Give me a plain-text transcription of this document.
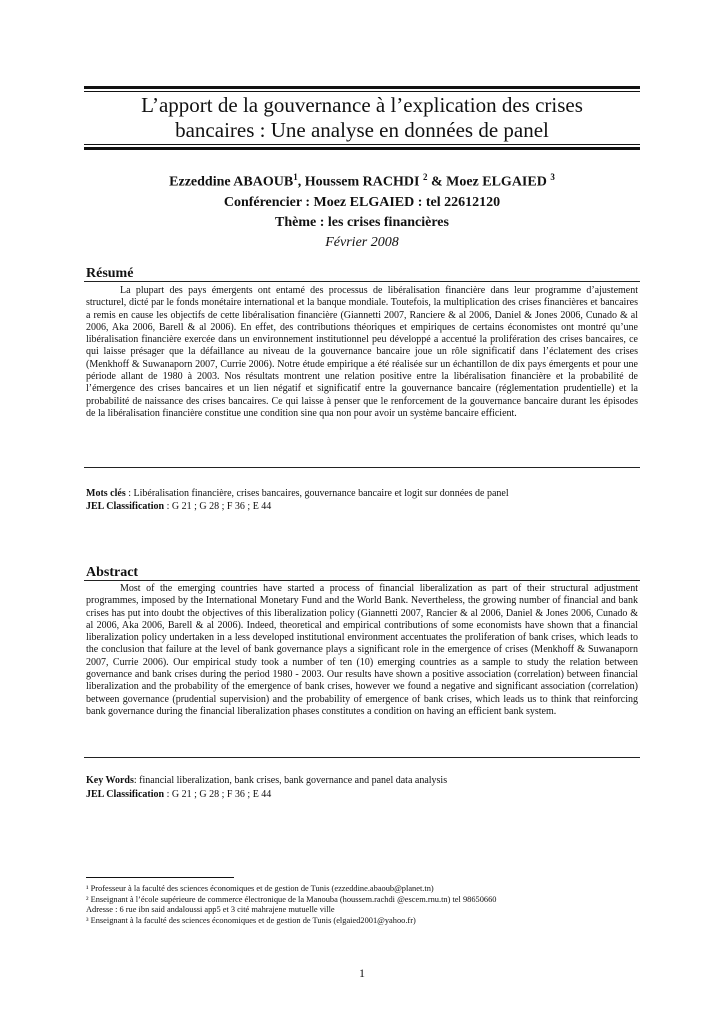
L’apport de la gouvernance à l’explication des crises
bancaires : Une analyse en données de panel
Ezzeddine ABAOUB$^1$, Houssem RACHDI $^2$ & Moez ELGAIED $^3$
Conférencier : Moez ELGAIED : tel 22612120
Thème : les crises financières
Février 2008
Résumé

La plupart des pays émergents ont entamé des processus de libéralisation financière dans leur programme d’ajustement structurel, dicté par le fonds monétaire international et la banque mondiale. Toutefois, la multiplication des crises financières et bancaires a remis en cause les objectifs de cette libéralisation financière (Giannetti 2007, Ranciere & al 2006, Daniel & Jones 2006, Cunado & al 2006, Aka 2006, Barell & al 2006). En effet, des contributions théoriques et empiriques de certains économistes ont montré qu’une libéralisation financière exercée dans un environnement institutionnel peu développé a accentué la prolifération des crises bancaires, ce qui laisse présager que la défaillance au niveau de la gouvernance bancaire joue un rôle significatif dans l’éclatement des crises (Menkhoff & Suwanaporn 2007, Currie 2006). Notre étude empirique a été réalisée sur un échantillon de dix pays émergents et pour une période allant de 1980 à 2003. Nos résultats montrent une relation positive entre la libéralisation financière et la probabilité de l’émergence des crises bancaires et un lien négatif et significatif entre la gouvernance bancaire (réglementation prudentielle) et la probabilité de naissance des crises bancaires. Ce qui laisse à penser que le renforcement de la gouvernance bancaire durant les épisodes de la libéralisation financière constitue une condition sine qua non pour avoir un système bancaire efficient.

Mots clés : Libéralisation financière, crises bancaires, gouvernance bancaire et logit sur données de panel
JEL Classification : G 21 ; G 28 ; F 36 ; E 44
Abstract

Most of the emerging countries have started a process of financial liberalization as part of their structural adjustment programmes, imposed by the International Monetary Fund and the World Bank. Nevertheless, the growing number of financial and bank crises has put into doubt the objectives of this liberalization policy (Giannetti 2007, Rancier & al 2006, Daniel & Jones 2006, Cunado & al 2006, Aka 2006, Barell & al 2006). Indeed, theoretical and empirical contributions of some economists have shown that a financial liberalization policy undertaken in a less developed institutional environment accentuates the proliferation of bank crises, which leads to the conclusion that failure at the level of bank governance plays a significant role in the emergence of crises (Menkhoff & Suwanaporn 2007, Currie 2006). Our empirical study took a number of ten (10) emerging countries as a sample to study the relation between governance and bank crises during the period 1980 - 2003. Our results have shown a positive association (correlation) between financial liberalization and the probability of the emergence of bank crises, however we found a negative and significant association (correlation) between governance (prudential supervision) and the probability of emergence of bank crises, which leads us to think that reinforcing bank governance during the financial liberalization phases constitutes a condition on having an efficient bank system.

Key Words: financial liberalization, bank crises, bank governance and panel data analysis
JEL Classification : G 21 ; G 28 ; F 36 ; E 44
¹ Professeur à la faculté des sciences économiques et de gestion de Tunis (ezzeddine.abaoub@planet.tn)
² Enseignant à l’école supérieure de commerce électronique de la Manouba (houssem.rachdi @escem.rnu.tn) tel 98650660
Adresse : 6 rue ibn said andaloussi app5 et 3 cité mahrajene mutuelle ville
³ Enseignant à la faculté des sciences économiques et de gestion de Tunis (elgaied2001@yahoo.fr)
1
